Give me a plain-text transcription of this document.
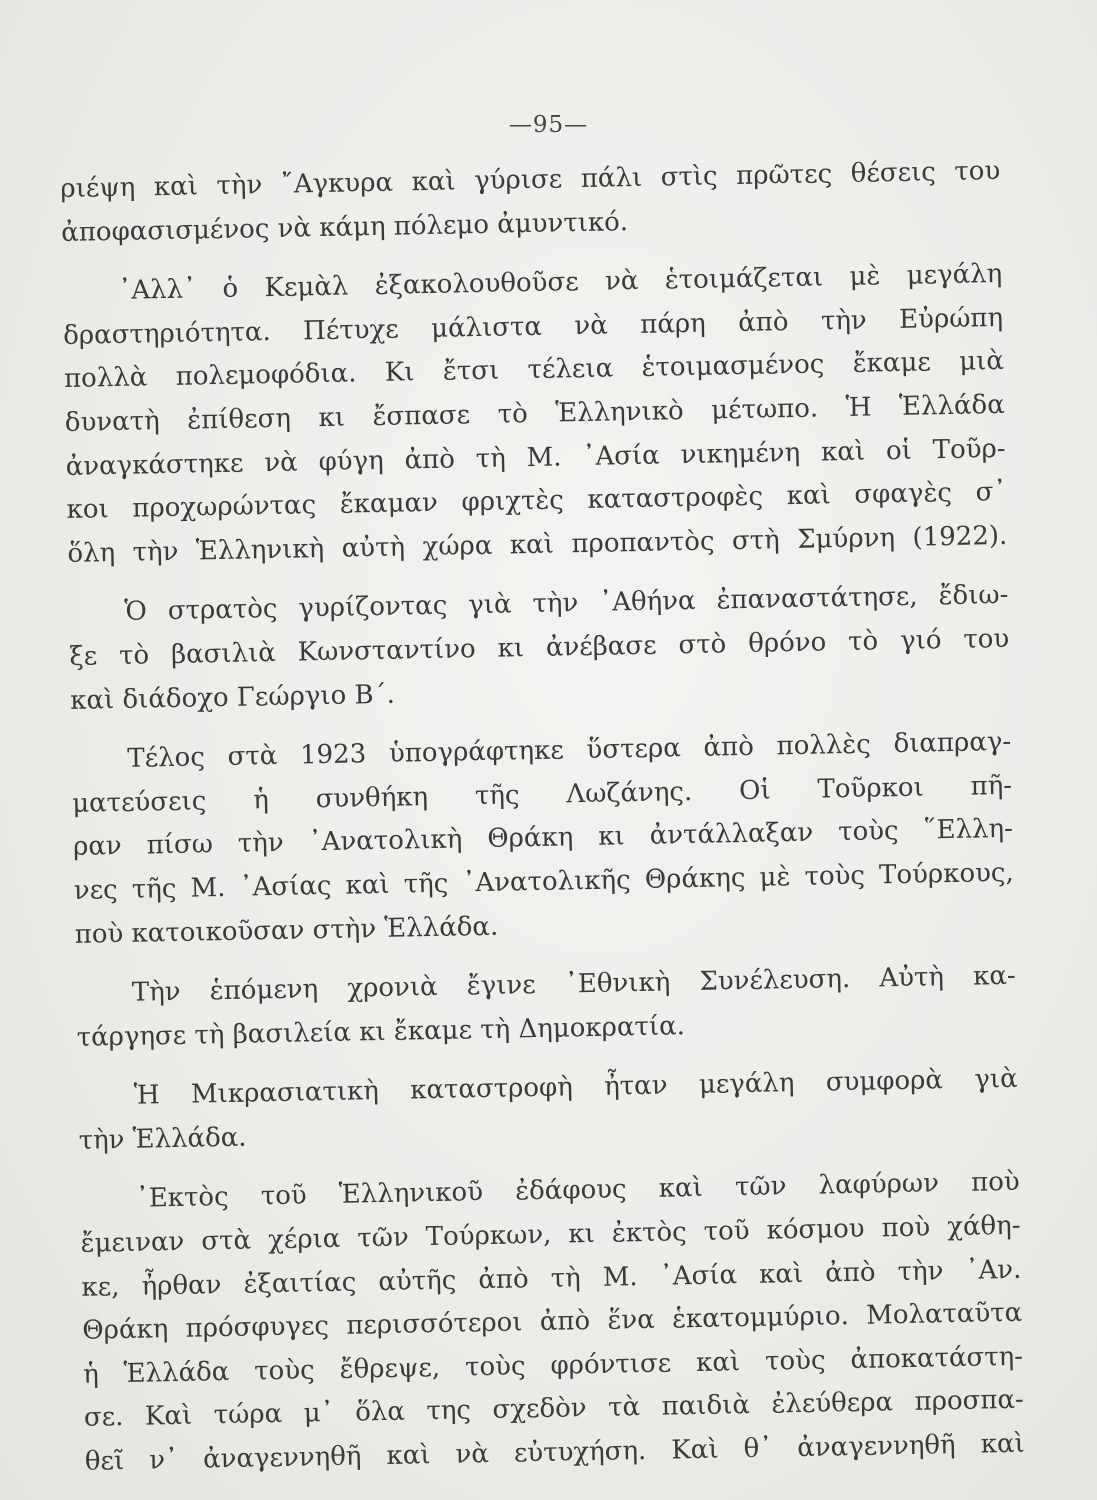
—95—

ριέψη καὶ τὴν ῎Αγκυρα καὶ γύρισε πάλι στὶς πρῶτες θέσεις του
ἀποφασισμένος νὰ κάμη πόλεμο ἀμυντικό.

᾿Αλλ᾿ ὁ Κεμὰλ ἐξακολουθοῦσε νὰ ἑτοιμάζεται μὲ μεγάλη
δραστηριότητα. Πέτυχε μάλιστα νὰ πάρη ἀπὸ τὴν Εὐρώπη
πολλὰ πολεμοφόδια. Κι ἔτσι τέλεια ἑτοιμασμένος ἔκαμε μιὰ
δυνατὴ ἐπίθεση κι ἔσπασε τὸ Ἑλληνικὸ μέτωπο. Ἡ Ἑλλάδα
ἀναγκάστηκε νὰ φύγη ἀπὸ τὴ Μ. ᾿Ασία νικημένη καὶ οἱ Τοῦρ-
κοι προχωρώντας ἔκαμαν φριχτὲς καταστροφὲς καὶ σφαγὲς σ᾿
ὅλη τὴν Ἑλληνικὴ αὐτὴ χώρα καὶ προπαντὸς στὴ Σμύρνη (1922).

Ὁ στρατὸς γυρίζοντας γιὰ τὴν ᾿Αθήνα ἐπαναστάτησε, ἔδιω-
ξε τὸ βασιλιὰ Κωνσταντίνο κι ἀνέβασε στὸ θρόνο τὸ γιό του
καὶ διάδοχο Γεώργιο Β΄.

Τέλος στὰ 1923 ὑπογράφτηκε ὕστερα ἀπὸ πολλὲς διαπραγ-
ματεύσεις ἡ συνθήκη τῆς Λωζάνης. Οἱ Τοῦρκοι πῆ-
ραν πίσω τὴν ᾿Ανατολικὴ Θράκη κι ἀντάλλαξαν τοὺς ῞Ελλη-
νες τῆς Μ. ᾿Ασίας καὶ τῆς ᾿Ανατολικῆς Θράκης μὲ τοὺς Τούρκους,
ποὺ κατοικοῦσαν στὴν Ἑλλάδα.

Τὴν ἑπόμενη χρονιὰ ἔγινε ᾿Εθνικὴ Συνέλευση. Αὐτὴ κα-
τάργησε τὴ βασιλεία κι ἔκαμε τὴ Δημοκρατία.

Ἡ Μικρασιατικὴ καταστροφὴ ἦταν μεγάλη συμφορὰ γιὰ
τὴν Ἑλλάδα.

᾿Εκτὸς τοῦ Ἑλληνικοῦ ἐδάφους καὶ τῶν λαφύρων ποὺ
ἔμειναν στὰ χέρια τῶν Τούρκων, κι ἐκτὸς τοῦ κόσμου ποὺ χάθη-
κε, ἦρθαν ἐξαιτίας αὐτῆς ἀπὸ τὴ Μ. ᾿Ασία καὶ ἀπὸ τὴν ᾿Αν.
Θράκη πρόσφυγες περισσότεροι ἀπὸ ἕνα ἑκατομμύριο. Μολαταῦτα
ἡ Ἑλλάδα τοὺς ἔθρεψε, τοὺς φρόντισε καὶ τοὺς ἀποκατάστη-
σε. Καὶ τώρα μ᾿ ὅλα της σχεδὸν τὰ παιδιὰ ἐλεύθερα προσπα-
θεῖ ν᾿ ἀναγεννηθῆ καὶ νὰ εὐτυχήση. Καὶ θ᾿ ἀναγεννηθῆ καὶ
